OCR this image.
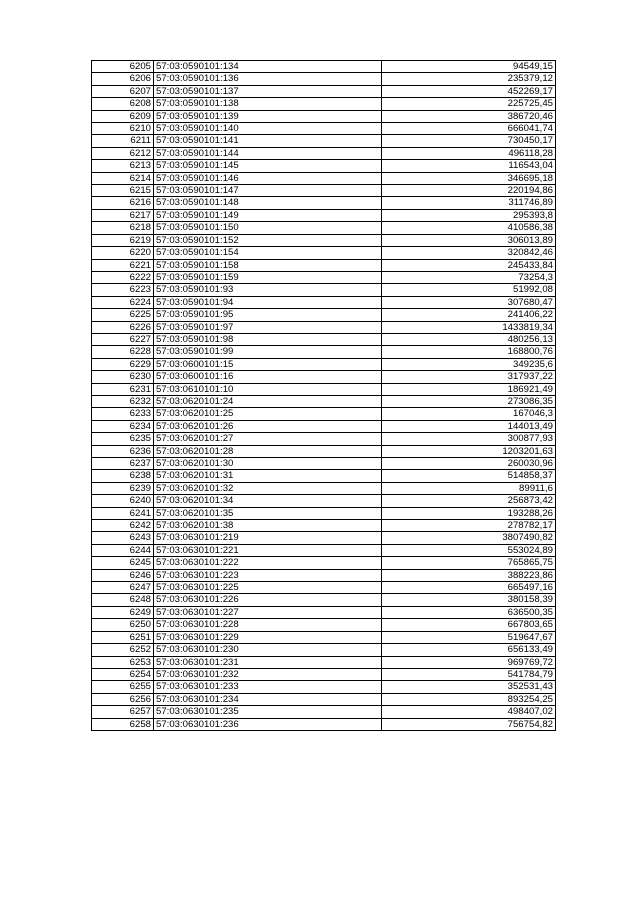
6205	57:03:0590101:134	94549,15
6206	57:03:0590101:136	235379,12
6207	57:03:0590101:137	452269,17
6208	57:03:0590101:138	225725,45
6209	57:03:0590101:139	386720,46
6210	57:03:0590101:140	666041,74
6211	57:03:0590101:141	730450,17
6212	57:03:0590101:144	496118,28
6213	57:03:0590101:145	116543,04
6214	57:03:0590101:146	346695,18
6215	57:03:0590101:147	220194,86
6216	57:03:0590101:148	311746,89
6217	57:03:0590101:149	295393,8
6218	57:03:0590101:150	410586,38
6219	57:03:0590101:152	306013,89
6220	57:03:0590101:154	320842,46
6221	57:03:0590101:158	245433,84
6222	57:03:0590101:159	73254,3
6223	57:03:0590101:93	51992,08
6224	57:03:0590101:94	307680,47
6225	57:03:0590101:95	241406,22
6226	57:03:0590101:97	1433819,34
6227	57:03:0590101:98	480256,13
6228	57:03:0590101:99	168800,76
6229	57:03:0600101:15	349235,6
6230	57:03:0600101:16	317937,22
6231	57:03:0610101:10	186921,49
6232	57:03:0620101:24	273086,35
6233	57:03:0620101:25	167046,3
6234	57:03:0620101:26	144013,49
6235	57:03:0620101:27	300877,93
6236	57:03:0620101:28	1203201,63
6237	57:03:0620101:30	260030,96
6238	57:03:0620101:31	514858,37
6239	57:03:0620101:32	89911,6
6240	57:03:0620101:34	256873,42
6241	57:03:0620101:35	193288,26
6242	57:03:0620101:38	278782,17
6243	57:03:0630101:219	3807490,82
6244	57:03:0630101:221	553024,89
6245	57:03:0630101:222	765865,75
6246	57:03:0630101:223	388223,86
6247	57:03:0630101:225	665497,16
6248	57:03:0630101:226	380158,39
6249	57:03:0630101:227	636500,35
6250	57:03:0630101:228	667803,65
6251	57:03:0630101:229	519647,67
6252	57:03:0630101:230	656133,49
6253	57:03:0630101:231	969769,72
6254	57:03:0630101:232	541784,79
6255	57:03:0630101:233	352531,43
6256	57:03:0630101:234	893254,25
6257	57:03:0630101:235	498407,02
6258	57:03:0630101:236	756754,82
